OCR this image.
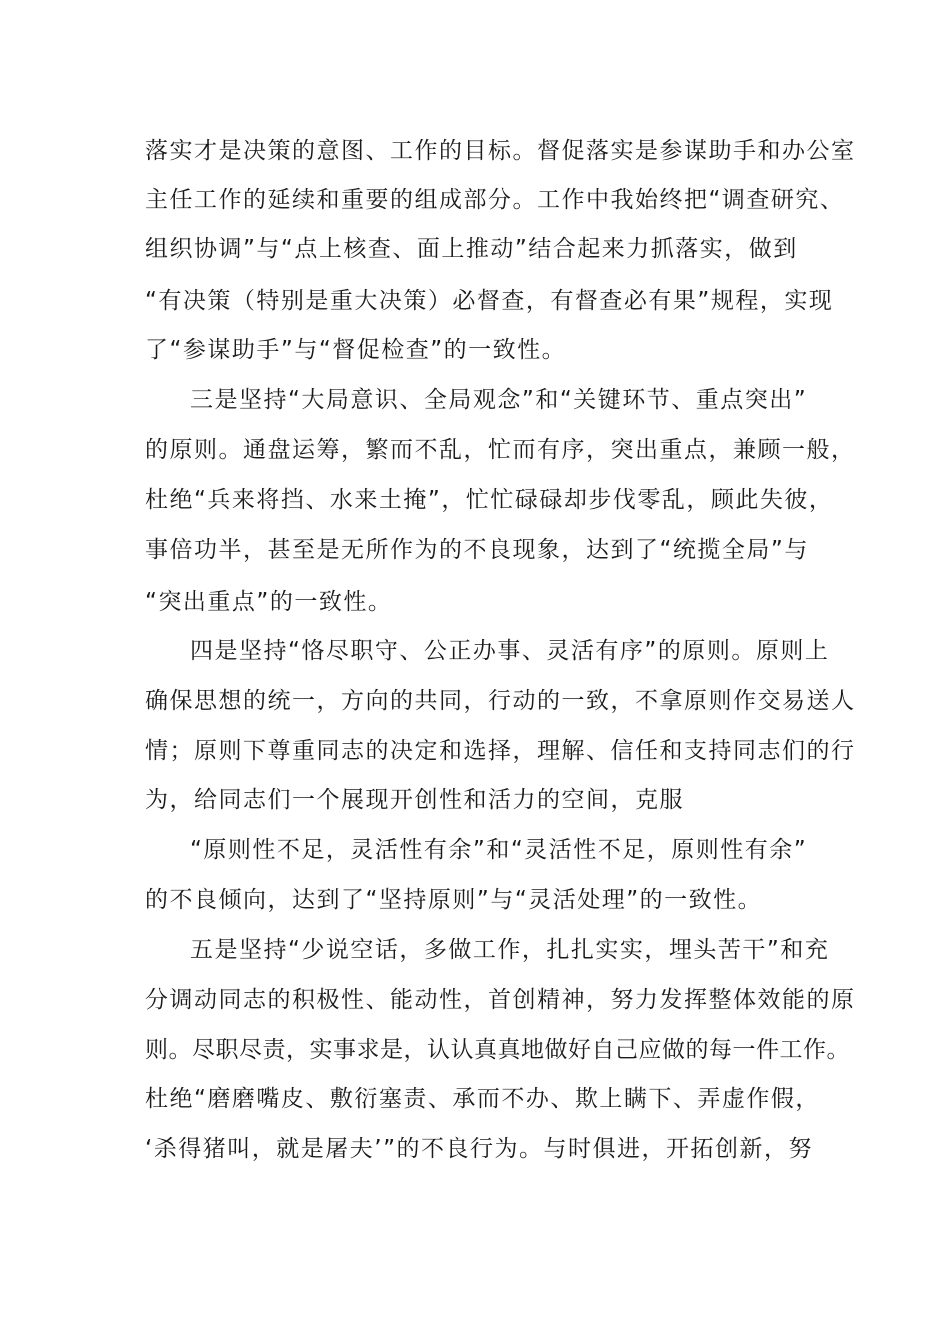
落实才是决策的意图、工作的目标。督促落实是参谋助手和办公室
主任工作的延续和重要的组成部分。工作中我始终把“调查研究、
组织协调”与“点上核查、面上推动”结合起来力抓落实，做到
“有决策（特别是重大决策）必督查，有督查必有果”规程，实现
了“参谋助手”与“督促检查”的一致性。
三是坚持“大局意识、全局观念”和“关键环节、重点突出”
的原则。通盘运筹，繁而不乱，忙而有序，突出重点，兼顾一般，
杜绝“兵来将挡、水来土掩”，忙忙碌碌却步伐零乱，顾此失彼，
事倍功半，甚至是无所作为的不良现象，达到了“统揽全局”与
“突出重点”的一致性。
四是坚持“恪尽职守、公正办事、灵活有序”的原则。原则上
确保思想的统一，方向的共同，行动的一致，不拿原则作交易送人
情；原则下尊重同志的决定和选择，理解、信任和支持同志们的行
为，给同志们一个展现开创性和活力的空间，克服
“原则性不足，灵活性有余”和“灵活性不足，原则性有余”
的不良倾向，达到了“坚持原则”与“灵活处理”的一致性。
五是坚持“少说空话，多做工作，扎扎实实，埋头苦干”和充
分调动同志的积极性、能动性，首创精神，努力发挥整体效能的原
则。尽职尽责，实事求是，认认真真地做好自己应做的每一件工作。
杜绝“磨磨嘴皮、敷衍塞责、承而不办、欺上瞒下、弄虚作假，
‘杀得猪叫，就是屠夫’”的不良行为。与时俱进，开拓创新，努
